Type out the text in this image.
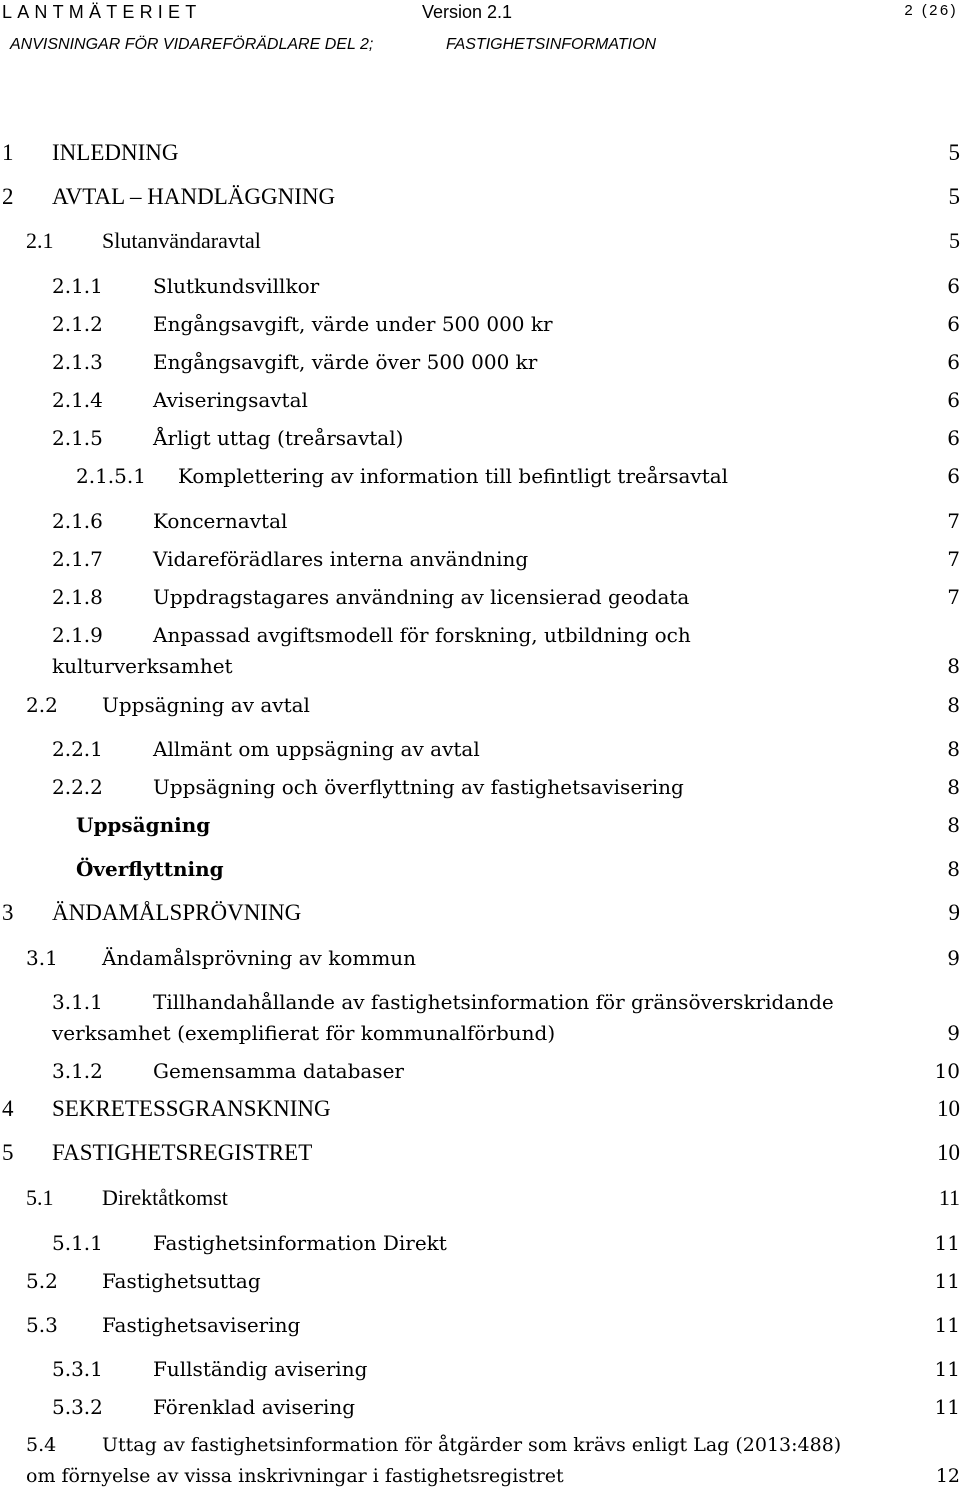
LANTMÄTERIET	Version 2.1	2 (26)
ANVISNINGAR FÖR VIDAREFÖRÄDLARE DEL 2;	FASTIGHETSINFORMATION
1 INLEDNING	5
2 AVTAL – HANDLÄGGNING	5
2.1 Slutanvändaravtal	5
2.1.1	Slutkundsvillkor	6
2.1.2	Engångsavgift, värde under 500 000 kr	6
2.1.3	Engångsavgift, värde över 500 000 kr	6
2.1.4	Aviseringsavtal	6
2.1.5	Årligt uttag (treårsavtal)	6
2.1.5.1 Komplettering av information till befintligt treårsavtal	6
2.1.6	Koncernavtal	7
2.1.7	Vidareförädlares interna användning	7
2.1.8	Uppdragstagares användning av licensierad geodata	7
2.1.9	Anpassad avgiftsmodell för forskning, utbildning och
kulturverksamhet	8
2.2 Uppsägning av avtal	8
2.2.1	Allmänt om uppsägning av avtal	8
2.2.2	Uppsägning och överflyttning av fastighetsavisering	8
Uppsägning	8
Överflyttning	8
3 ÄNDAMÅLSPRÖVNING	9
3.1 Ändamålsprövning av kommun	9
3.1.1	Tillhandahållande av fastighetsinformation för gränsöverskridande
verksamhet (exemplifierat för kommunalförbund)	9
3.1.2	Gemensamma databaser	10
4 SEKRETESSGRANSKNING	10
5 FASTIGHETSREGISTRET	10
5.1 Direktåtkomst	11
5.1.1	Fastighetsinformation Direkt	11
5.2 Fastighetsuttag	11
5.3 Fastighetsavisering	11
5.3.1	Fullständig avisering	11
5.3.2	Förenklad avisering	11
5.4 Uttag av fastighetsinformation för åtgärder som krävs enligt Lag (2013:488)
om förnyelse av vissa inskrivningar i fastighetsregistret	12
